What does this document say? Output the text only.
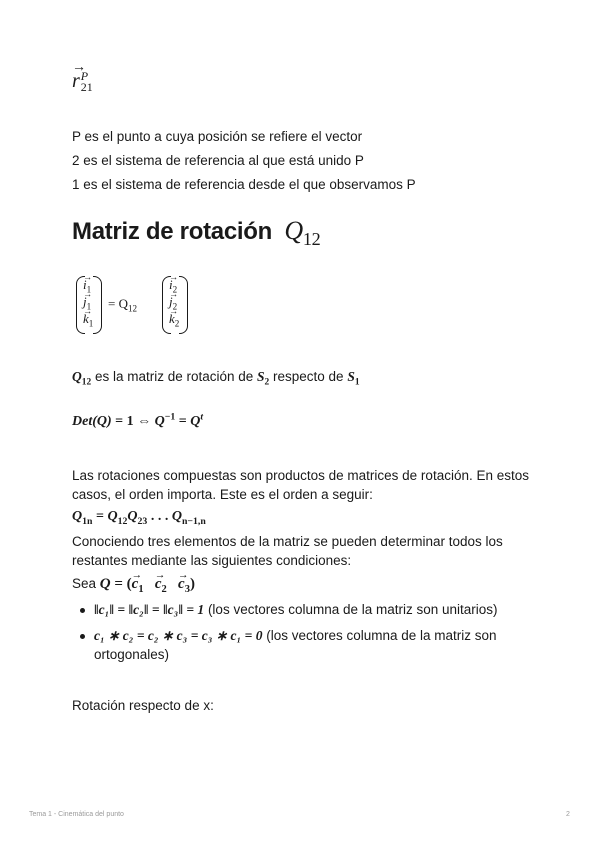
→ r P
21
P es el punto a cuya posición se refiere el vector
2 es el sistema de referencia al que está unido P
1 es el sistema de referencia desde el que observamos P
Matriz de rotación $Q_{12}$
→ $i_1$
→ $j_1$
→ $k_1$
= $Q_{12}$
→ $i_2$
→ $j_2$
→ $k_2$
$Q_{12}$ es la matriz de rotación de $S_2$ respecto de $S_1$
Det(Q) = 1 ⇔ $Q^{-1} = Q^t$
Las rotaciones compuestas son productos de matrices de rotación. En estos
casos, el orden importa. Este es el orden a seguir:
$Q_{1n} = Q_{12}Q_{23}$ . . . $Q_{n-1,n}$
Conociendo tres elementos de la matriz se pueden determinar todos los
restantes mediante las siguientes condiciones:
Sea Q = (→ $c_1 \to c_2 \to c_3$)
‖c₁‖ = ‖c₂‖ = ‖c₃‖ = 1 (los vectores columna de la matriz son unitarios)
c₁ ∗ c₂ = c₂ ∗ c₃ = c₃ ∗ c₁ = 0 (los vectores columna de la matriz son
ortogonales)
Rotación respecto de x:
Tema 1 - Cinemática del punto	2
